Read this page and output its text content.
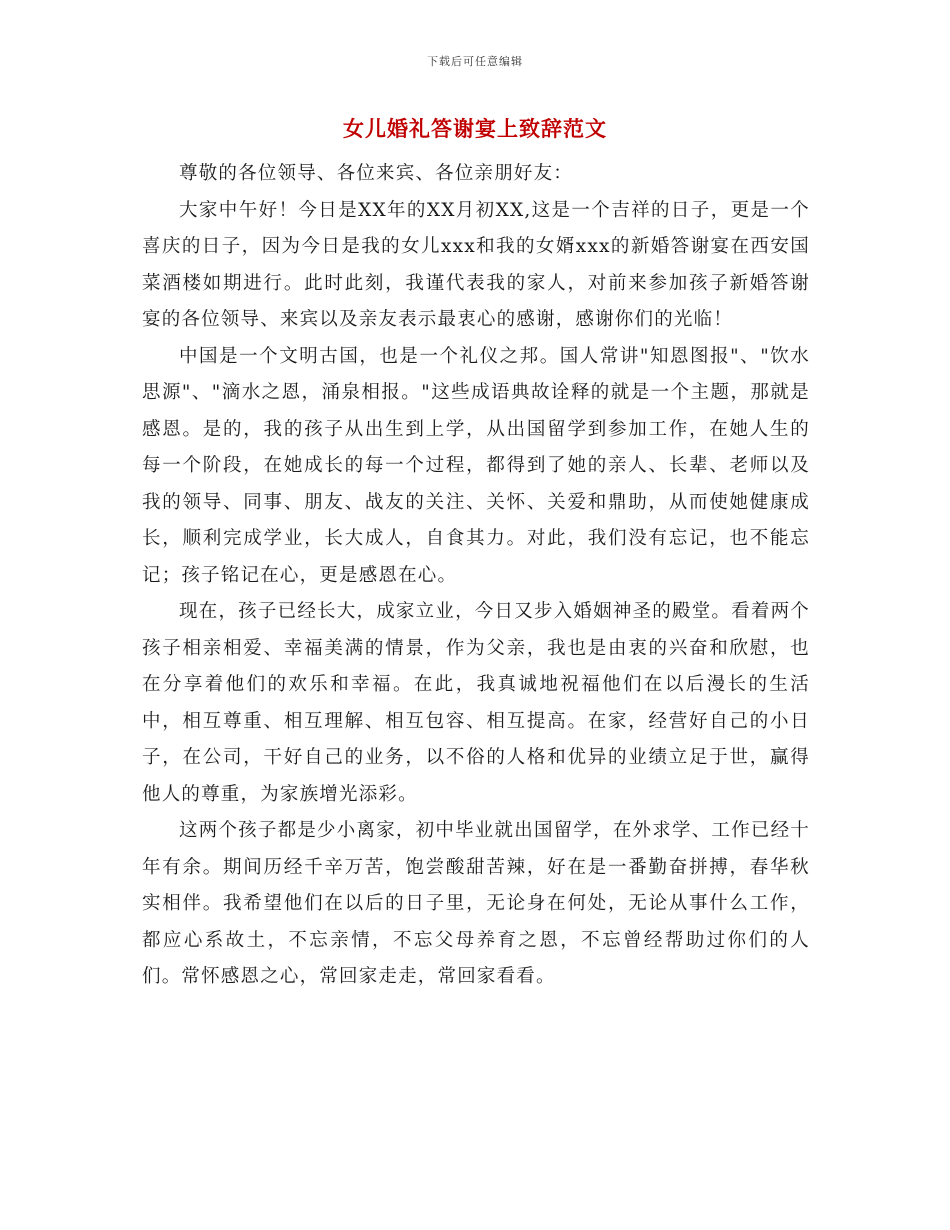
下载后可任意编辑
女儿婚礼答谢宴上致辞范文

尊敬的各位领导、各位来宾、各位亲朋好友：

大家中午好！今日是XX年的XX月初XX,这是一个吉祥的日子，更是一个喜庆的日子，因为今日是我的女儿xxx和我的女婿xxx的新婚答谢宴在西安国菜酒楼如期进行。此时此刻，我谨代表我的家人，对前来参加孩子新婚答谢宴的各位领导、来宾以及亲友表示最衷心的感谢，感谢你们的光临！

中国是一个文明古国，也是一个礼仪之邦。国人常讲"知恩图报"、"饮水思源"、"滴水之恩，涌泉相报。"这些成语典故诠释的就是一个主题，那就是感恩。是的，我的孩子从出生到上学，从出国留学到参加工作，在她人生的每一个阶段，在她成长的每一个过程，都得到了她的亲人、长辈、老师以及我的领导、同事、朋友、战友的关注、关怀、关爱和鼎助，从而使她健康成长，顺利完成学业，长大成人，自食其力。对此，我们没有忘记，也不能忘记；孩子铭记在心，更是感恩在心。

现在，孩子已经长大，成家立业，今日又步入婚姻神圣的殿堂。看着两个孩子相亲相爱、幸福美满的情景，作为父亲，我也是由衷的兴奋和欣慰，也在分享着他们的欢乐和幸福。在此，我真诚地祝福他们在以后漫长的生活中，相互尊重、相互理解、相互包容、相互提高。在家，经营好自己的小日子，在公司，干好自己的业务，以不俗的人格和优异的业绩立足于世，赢得他人的尊重，为家族增光添彩。

这两个孩子都是少小离家，初中毕业就出国留学，在外求学、工作已经十年有余。期间历经千辛万苦，饱尝酸甜苦辣，好在是一番勤奋拼搏，春华秋实相伴。我希望他们在以后的日子里，无论身在何处，无论从事什么工作，都应心系故土，不忘亲情，不忘父母养育之恩，不忘曾经帮助过你们的人们。常怀感恩之心，常回家走走，常回家看看。
